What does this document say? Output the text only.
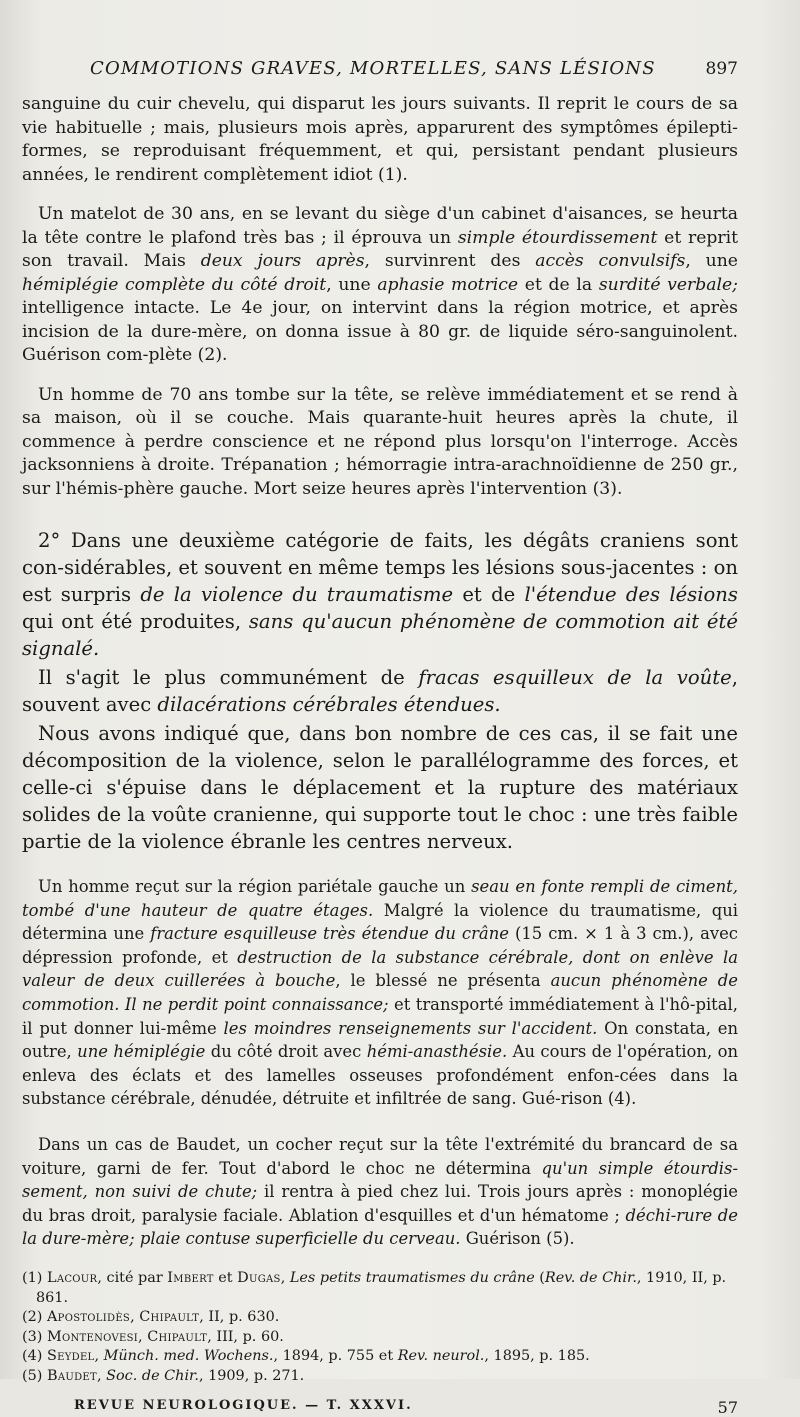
COMMOTIONS GRAVES, MORTELLES, SANS LÉSIONS	897

sanguine du cuir chevelu, qui disparut les jours suivants. Il reprit le cours de sa vie habituelle ; mais, plusieurs mois après, apparurent des symptômes épilepti-formes, se reproduisant fréquemment, et qui, persistant pendant plusieurs années, le rendirent complètement idiot (1).

Un matelot de 30 ans, en se levant du siège d'un cabinet d'aisances, se heurta la tête contre le plafond très bas ; il éprouva un simple étourdissement et reprit son travail. Mais deux jours après, survinrent des accès convulsifs, une hémiplégie complète du côté droit, une aphasie motrice et de la surdité verbale; intelligence intacte. Le 4e jour, on intervint dans la région motrice, et après incision de la dure-mère, on donna issue à 80 gr. de liquide séro-sanguinolent. Guérison com-plète (2).

Un homme de 70 ans tombe sur la tête, se relève immédiatement et se rend à sa maison, où il se couche. Mais quarante-huit heures après la chute, il commence à perdre conscience et ne répond plus lorsqu'on l'interroge. Accès jacksonniens à droite. Trépanation ; hémorragie intra-arachnoïdienne de 250 gr., sur l'hémis-phère gauche. Mort seize heures après l'intervention (3).

2° Dans une deuxième catégorie de faits, les dégâts craniens sont con-sidérables, et souvent en même temps les lésions sous-jacentes : on est surpris de la violence du traumatisme et de l'étendue des lésions qui ont été produites, sans qu'aucun phénomène de commotion ait été signalé.

Il s'agit le plus communément de fracas esquilleux de la voûte, souvent avec dilacérations cérébrales étendues.

Nous avons indiqué que, dans bon nombre de ces cas, il se fait une décomposition de la violence, selon le parallélogramme des forces, et celle-ci s'épuise dans le déplacement et la rupture des matériaux solides de la voûte cranienne, qui supporte tout le choc : une très faible partie de la violence ébranle les centres nerveux.

Un homme reçut sur la région pariétale gauche un seau en fonte rempli de ciment, tombé d'une hauteur de quatre étages. Malgré la violence du traumatisme, qui détermina une fracture esquilleuse très étendue du crâne (15 cm. × 1 à 3 cm.), avec dépression profonde, et destruction de la substance cérébrale, dont on enlève la valeur de deux cuillerées à bouche, le blessé ne présenta aucun phénomène de commotion. Il ne perdit point connaissance; et transporté immédiatement à l'hô-pital, il put donner lui-même les moindres renseignements sur l'accident. On constata, en outre, une hémiplégie du côté droit avec hémi-anasthésie. Au cours de l'opération, on enleva des éclats et des lamelles osseuses profondément enfon-cées dans la substance cérébrale, dénudée, détruite et infiltrée de sang. Gué-rison (4).

Dans un cas de Baudet, un cocher reçut sur la tête l'extrémité du brancard de sa voiture, garni de fer. Tout d'abord le choc ne détermina qu'un simple étourdis-sement, non suivi de chute; il rentra à pied chez lui. Trois jours après : monoplégie du bras droit, paralysie faciale. Ablation d'esquilles et d'un hématome ; déchi-rure de la dure-mère; plaie contuse superficielle du cerveau. Guérison (5).

(1) Lacour, cité par Imbert et Dugas, Les petits traumatismes du crâne (Rev. de Chir., 1910, II, p. 861.

(2) Apostolidès, Chipault, II, p. 630.

(3) Montenovesi, Chipault, III, p. 60.

(4) Seydel, Münch. med. Wochens., 1894, p. 755 et Rev. neurol., 1895, p. 185.

(5) Baudet, Soc. de Chir., 1909, p. 271.

REVUE NEUROLOGIQUE. — T. XXXVI.	57
